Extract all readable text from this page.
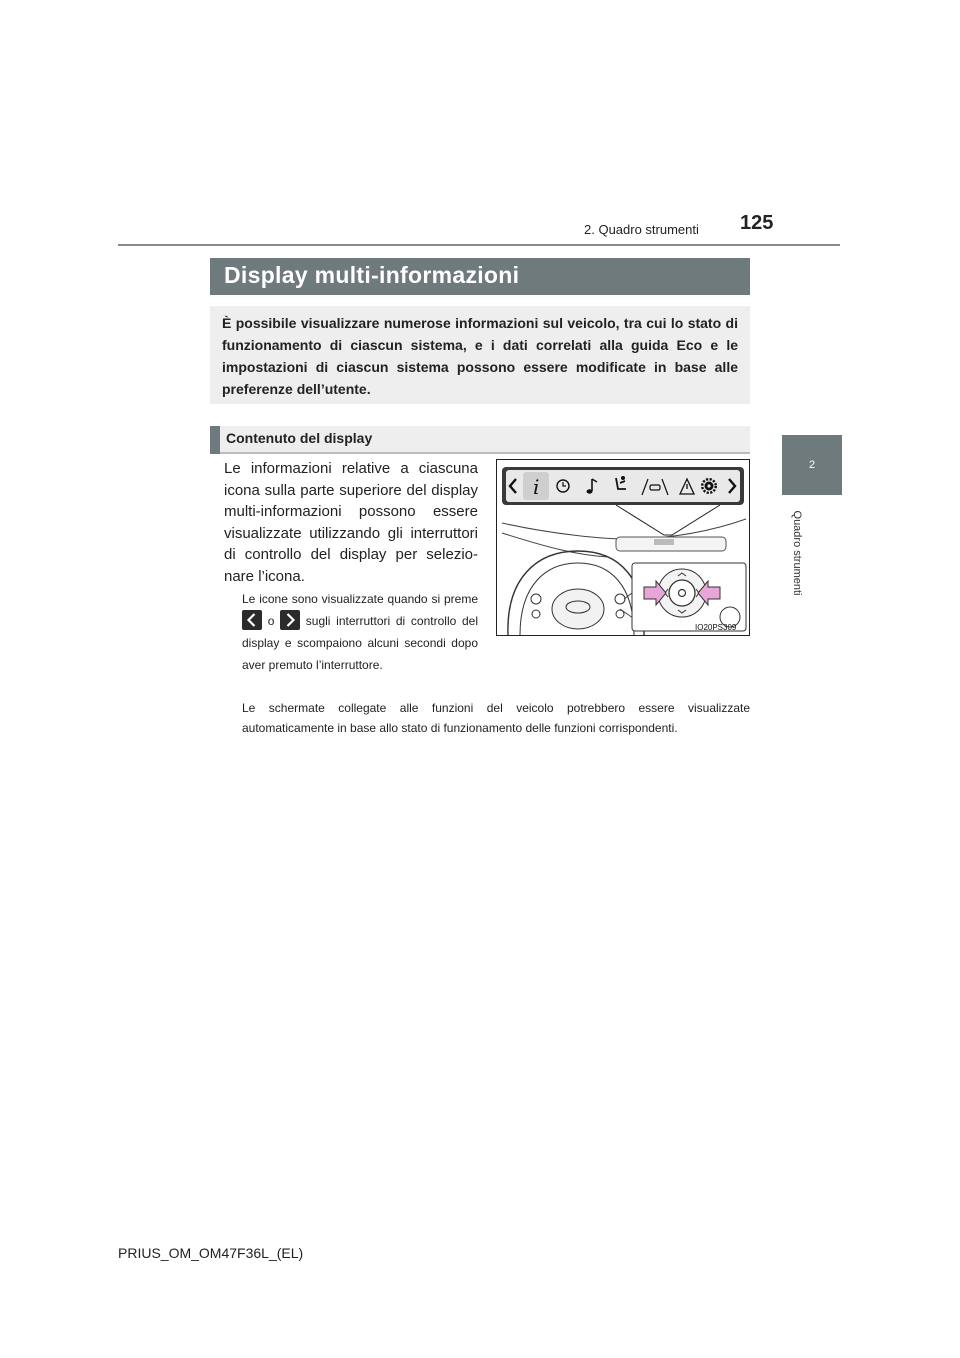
125
2. Quadro strumenti
2
Quadro strumenti
Display multi-informazioni
È possibile visualizzare numerose informazioni sul veicolo, tra cui lo stato di funzionamento di ciascun sistema, e i dati correlati alla guida Eco e le impostazioni di ciascun sistema possono essere modificate in base alle preferenze dell’utente.
Contenuto del display
Le informazioni relative a ciascuna icona sulla parte superiore del display multi-informazioni possono essere visualizzate utilizzando gli interruttori di controllo del display per selezio-nare l’icona.
Le icone sono visualizzate quando si preme  o	sugli interruttori di controllo del display e scompaiono alcuni secondi dopo aver premuto l’interruttore.
Le schermate collegate alle funzioni del veicolo potrebbero essere visualizzate automaticamente in base allo stato di funzionamento delle funzioni corrispondenti.
i
IO20PS309
PRIUS_OM_OM47F36L_(EL)
